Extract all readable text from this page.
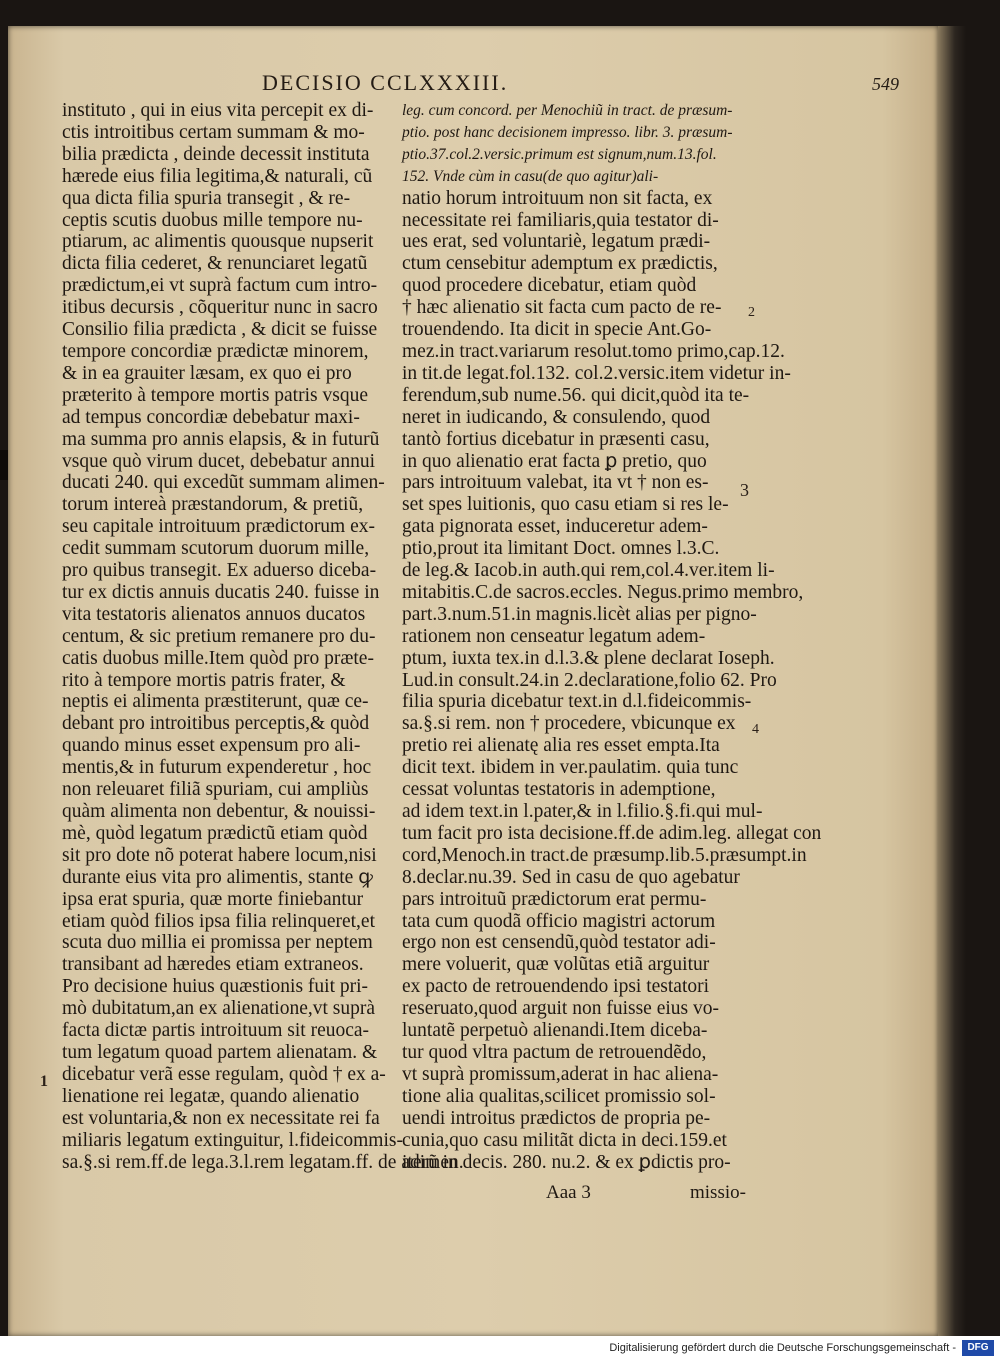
DECISIO CCLXXXIII.	549
instituto , qui in eius vita percepit ex di-
ctis introitibus certam summam & mo-
bilia prædicta , deinde decessit instituta
hærede eius filia legitima,& naturali, cũ
qua dicta filia spuria transegit , & re-
ceptis scutis duobus mille tempore nu-
ptiarum, ac alimentis quousque nupserit
dicta filia cederet, & renunciaret legatũ
prædictum,ei vt suprà factum cum intro-
itibus decursis , cõqueritur nunc in sacro
Consilio filia prædicta , & dicit se fuisse
tempore concordiæ prædictæ minorem,
& in ea grauiter læsam, ex quo ei pro
præterito à tempore mortis patris vsque
ad tempus concordiæ debebatur maxi-
ma summa pro annis elapsis, & in futurũ
vsque quò virum ducet, debebatur annui
ducati 240. qui excedũt summam alimen-
torum intereà præstandorum, & pretiũ,
seu capitale introituum prædictorum ex-
cedit summam scutorum duorum mille,
pro quibus transegit. Ex aduerso diceba-
tur ex dictis annuis ducatis 240. fuisse in
vita testatoris alienatos annuos ducatos
centum, & sic pretium remanere pro du-
catis duobus mille.Item quòd pro præte-
rito à tempore mortis patris frater, &
neptis ei alimenta præstiterunt, quæ ce-
debant pro introitibus perceptis,& quòd
quando minus esset expensum pro ali-
mentis,& in futurum expenderetur , hoc
non releuaret filiã spuriam, cui ampliùs
quàm alimenta non debentur, & nouissi-
mè, quòd legatum prædictũ etiam quòd
sit pro dote nõ poterat habere locum,nisi
durante eius vita pro alimentis, stante ꝙ
ipsa erat spuria, quæ morte finiebantur
etiam quòd filios ipsa filia relinqueret,et
scuta duo millia ei promissa per neptem
transibant ad hæredes etiam extraneos.
Pro decisione huius quæstionis fuit pri-
mò dubitatum,an ex alienatione,vt suprà
facta dictæ partis introituum sit reuoca-
tum legatum quoad partem alienatam. &
dicebatur verã esse regulam, quòd † ex a-
lienatione rei legatæ, quando alienatio
est voluntaria,& non ex necessitate rei fa
miliaris legatum extinguitur, l.fideicommis-
sa.§.si rem.ff.de lega.3.l.rem legatam.ff. de adimen.
leg. cum concord. per Menochiũ in tract. de præsum-
ptio. post hanc decisionem impresso. libr. 3. præsum-
ptio.37.col.2.versic.primum est signum,num.13.fol.
152. Vnde cùm in casu(de quo agitur)ali-
natio horum introituum non sit facta, ex
necessitate rei familiaris,quia testator di-
ues erat, sed voluntariè, legatum prædi-
ctum censebitur ademptum ex prædictis,
quod procedere dicebatur, etiam quòd
† hæc alienatio sit facta cum pacto de re-
trouendendo. Ita dicit in specie Ant.Go-
mez.in tract.variarum resolut.tomo primo,cap.12.
in tit.de legat.fol.132. col.2.versic.item videtur in-
ferendum,sub nume.56. qui dicit,quòd ita te-
neret in iudicando, & consulendo, quod
tantò fortius dicebatur in præsenti casu,
in quo alienatio erat facta ꝑ pretio, quo
pars introituum valebat, ita vt † non es-
set spes luitionis, quo casu etiam si res le-
gata pignorata esset, induceretur adem-
ptio,prout ita limitant Doct. omnes l.3.C.
de leg.& Iacob.in auth.qui rem,col.4.ver.item li-
mitabitis.C.de sacros.eccles. Negus.primo membro,
part.3.num.51.in magnis.licèt alias per pigno-
rationem non censeatur legatum adem-
ptum, iuxta tex.in d.l.3.& plene declarat Ioseph.
Lud.in consult.24.in 2.declaratione,folio 62. Pro
filia spuria dicebatur text.in d.l.fideicommis-
sa.§.si rem. non † procedere, vbicunque ex
pretio rei alienatę alia res esset empta.Ita
dicit text. ibidem in ver.paulatim. quia tunc
cessat voluntas testatoris in ademptione,
ad idem text.in l.pater,& in l.filio.§.fi.qui mul-
tum facit pro ista decisione.ff.de adim.leg. allegat con
cord,Menoch.in tract.de præsump.lib.5.præsumpt.in
8.declar.nu.39. Sed in casu de quo agebatur
pars introituũ prædictorum erat permu-
tata cum quodã officio magistri actorum
ergo non est censendũ,quòd testator adi-
mere voluerit, quæ volũtas etiã arguitur
ex pacto de retrouendendo ipsi testatori
reseruato,quod arguit non fuisse eius vo-
luntatẽ perpetuò alienandi.Item diceba-
tur quod vltra pactum de retrouendẽdo,
vt suprà promissum,aderat in hac aliena-
tione alia qualitas,scilicet promissio sol-
uendi introitus prædictos de propria pe-
cunia,quo casu militãt dicta in deci.159.et
iterũ in decis. 280. nu.2. & ex ꝑdictis pro-
1
2
3
4
Aaa 3	missio-
Digitalisierung gefördert durch die Deutsche Forschungsgemeinschaft -	DFG
